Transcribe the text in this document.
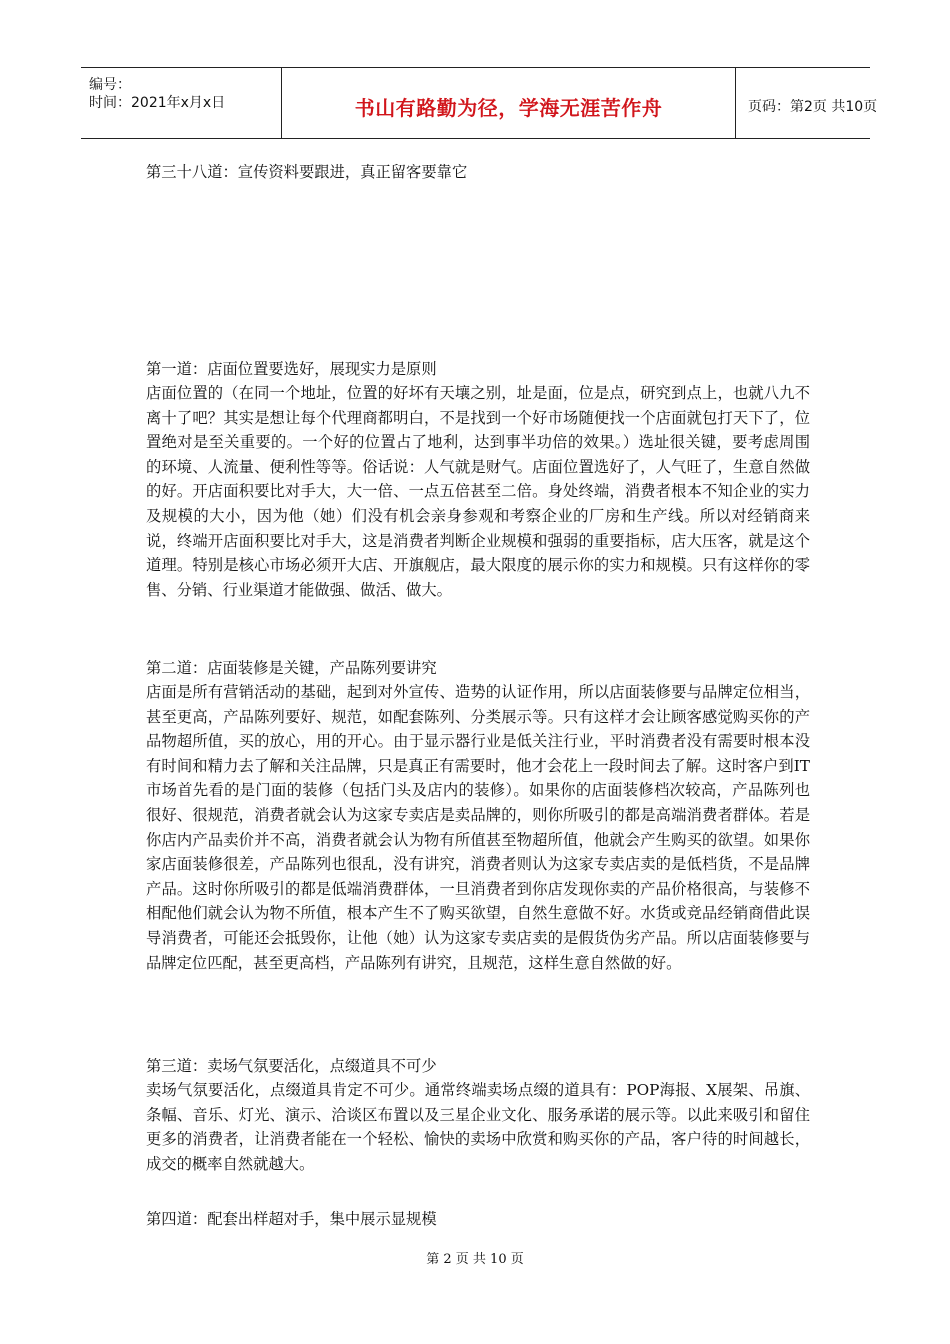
编号：
时间：2021年x月x日	书山有路勤为径，学海无涯苦作舟	页码：第2页 共10页
第三十八道：宣传资料要跟进，真正留客要靠它
第一道：店面位置要选好，展现实力是原则
店面位置的（在同一个地址，位置的好坏有天壤之别，址是面，位是点，研究到点上，也就八九不离十了吧？其实是想让每个代理商都明白，不是找到一个好市场随便找一个店面就包打天下了，位置绝对是至关重要的。一个好的位置占了地利，达到事半功倍的效果。）选址很关键，要考虑周围的环境、人流量、便利性等等。俗话说：人气就是财气。店面位置选好了，人气旺了，生意自然做的好。开店面积要比对手大，大一倍、一点五倍甚至二倍。身处终端，消费者根本不知企业的实力及规模的大小，因为他（她）们没有机会亲身参观和考察企业的厂房和生产线。所以对经销商来说，终端开店面积要比对手大，这是消费者判断企业规模和强弱的重要指标，店大压客，就是这个道理。特别是核心市场必须开大店、开旗舰店，最大限度的展示你的实力和规模。只有这样你的零售、分销、行业渠道才能做强、做活、做大。
第二道：店面装修是关键，产品陈列要讲究
店面是所有营销活动的基础，起到对外宣传、造势的认证作用，所以店面装修要与品牌定位相当，甚至更高，产品陈列要好、规范，如配套陈列、分类展示等。只有这样才会让顾客感觉购买你的产品物超所值，买的放心，用的开心。由于显示器行业是低关注行业，平时消费者没有需要时根本没有时间和精力去了解和关注品牌，只是真正有需要时，他才会花上一段时间去了解。这时客户到IT市场首先看的是门面的装修（包括门头及店内的装修）。如果你的店面装修档次较高，产品陈列也很好、很规范，消费者就会认为这家专卖店是卖品牌的，则你所吸引的都是高端消费者群体。若是你店内产品卖价并不高，消费者就会认为物有所值甚至物超所值，他就会产生购买的欲望。如果你家店面装修很差，产品陈列也很乱，没有讲究，消费者则认为这家专卖店卖的是低档货，不是品牌产品。这时你所吸引的都是低端消费群体，一旦消费者到你店发现你卖的产品价格很高，与装修不相配他们就会认为物不所值，根本产生不了购买欲望，自然生意做不好。水货或竞品经销商借此误导消费者，可能还会抵毁你，让他（她）认为这家专卖店卖的是假货伪劣产品。所以店面装修要与品牌定位匹配，甚至更高档，产品陈列有讲究，且规范，这样生意自然做的好。
第三道：卖场气氛要活化，点缀道具不可少
卖场气氛要活化，点缀道具肯定不可少。通常终端卖场点缀的道具有：POP海报、X展架、吊旗、条幅、音乐、灯光、演示、洽谈区布置以及三星企业文化、服务承诺的展示等。以此来吸引和留住更多的消费者，让消费者能在一个轻松、愉快的卖场中欣赏和购买你的产品，客户待的时间越长，成交的概率自然就越大。
第四道：配套出样超对手，集中展示显规模
第 2 页 共 10 页
